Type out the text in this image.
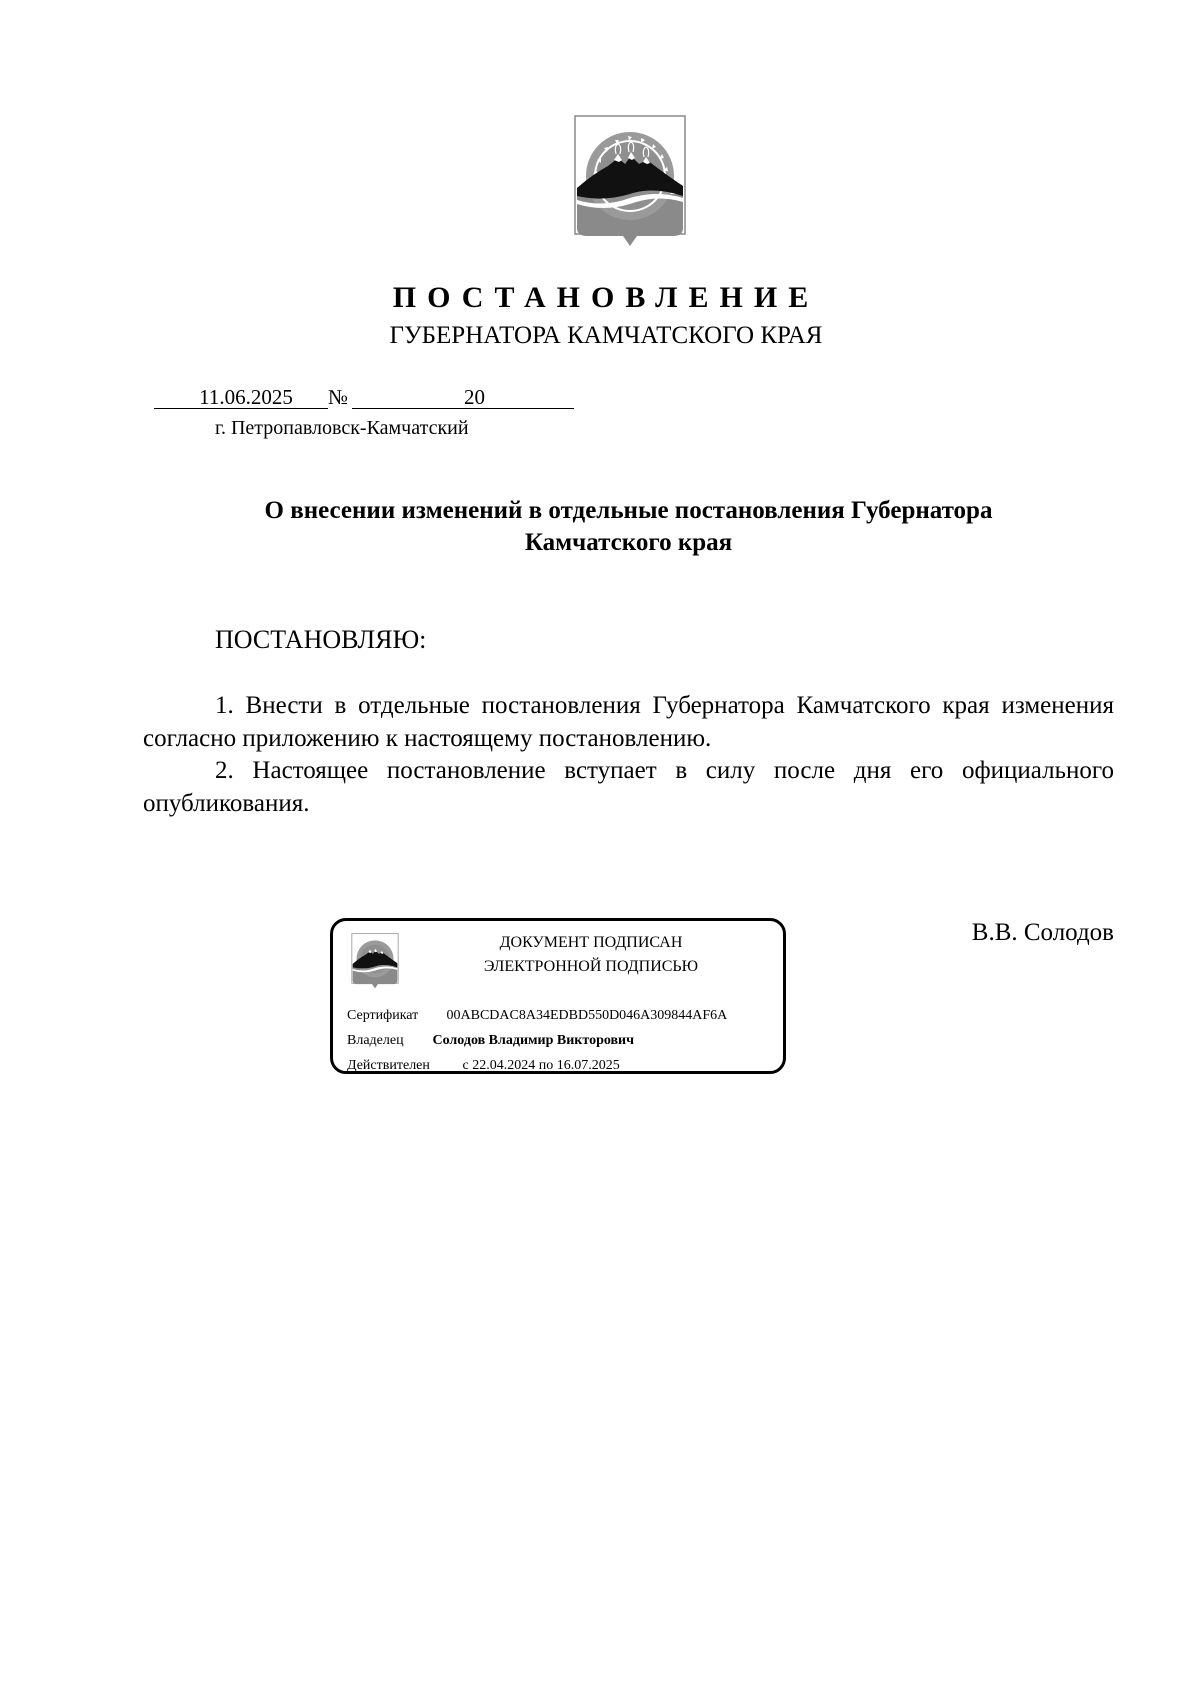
ПОСТАНОВЛЕНИЕ
ГУБЕРНАТОРА КАМЧАТСКОГО КРАЯ
11.06.2025	№	20
г. Петропавловск-Камчатский
О внесении изменений в отдельные постановления Губернатора
Камчатского края
ПОСТАНОВЛЯЮ:

1. Внести в отдельные постановления Губернатора Камчатского края изменения согласно приложению к настоящему постановлению.

2. Настоящее постановление вступает в силу после дня его официального опубликования.

ДОКУМЕНТ ПОДПИСАН
ЭЛЕКТРОННОЙ ПОДПИСЬЮ
Сертификат 00ABCDAC8A34EDBD550D046A309844AF6A
Владелец Солодов Владимир Викторович
Действителен с 22.04.2024 по 16.07.2025
В.В. Солодов
